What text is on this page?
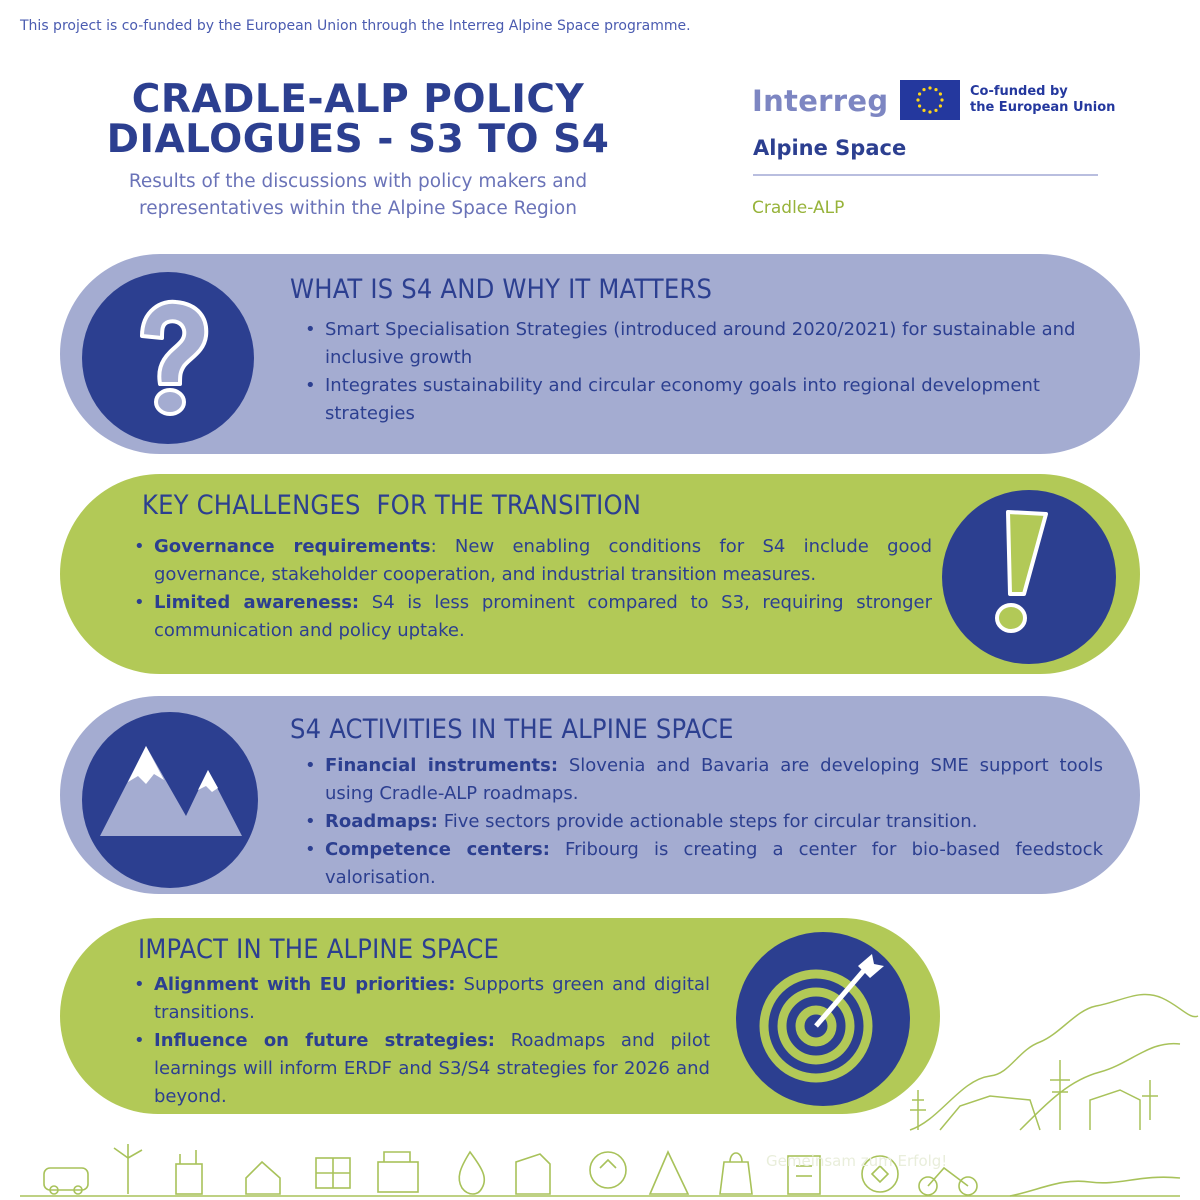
This project is co-funded by the European Union through the Interreg Alpine Space programme.
CRADLE-ALP POLICY
DIALOGUES - S3 TO S4
Results of the discussions with policy makers and
representatives within the Alpine Space Region
Interreg	Co-funded by
the European Union
Alpine Space
Cradle-ALP
WHAT IS S4 AND WHY IT MATTERS
• Smart Specialisation Strategies (introduced around 2020/2021) for sustainable and inclusive growth
• Integrates sustainability and circular economy goals into regional development strategies
KEY CHALLENGES  FOR THE TRANSITION
• Governance requirements: New enabling conditions for S4 include good governance, stakeholder cooperation, and industrial transition measures.
• Limited awareness: S4 is less prominent compared to S3, requiring stronger communication and policy uptake.
S4 ACTIVITIES IN THE ALPINE SPACE
• Financial instruments: Slovenia and Bavaria are developing SME support tools using Cradle-ALP roadmaps.
• Roadmaps: Five sectors provide actionable steps for circular transition.
• Competence centers: Fribourg is creating a center for bio-based feedstock valorisation.
IMPACT IN THE ALPINE SPACE
• Alignment with EU priorities: Supports green and digital transitions.
• Influence on future strategies: Roadmaps and pilot learnings will inform ERDF and S3/S4 strategies for 2026 and beyond.
Gemeinsam zum Erfolg!
